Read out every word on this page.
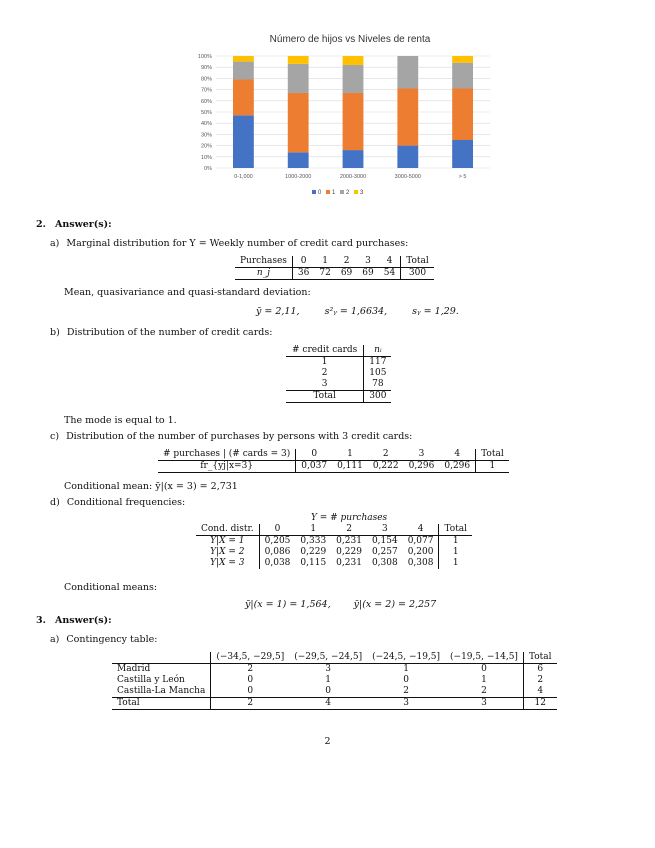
Número de hijos vs Niveles de renta
0%
10%
20%
30%
40%
50%
60%
70%
80%
90%
100%
0-1,000	1000-2000	2000-3000	3000-5000	> 5
0 1 2 3
2. Answer(s):
a) Marginal distribution for Y = Weekly number of credit card purchases:
Purchases	0	1	2	3	4	Total
n_j	36	72	69	69	54	300
Mean, quasivariance and quasi-standard deviation:
ȳ = 2,11,	s²ᵧ = 1,6634,	sᵧ = 1,29.
b) Distribution of the number of credit cards:
# credit cards	nᵢ
1	117
2	105
3	78
Total	300
The mode is equal to 1.
c) Distribution of the number of purchases by persons with 3 credit cards:
# purchases | (# cards = 3)	0	1	2	3	4	Total
fr_{yj|x=3}	0,037	0,111	0,222	0,296	0,296	1
Conditional mean: ȳ|(x = 3) = 2,731
d) Conditional frequencies:
	Y = # purchases					
Cond. distr.	0	1	2	3	4	Total
Y|X = 1	0,205	0,333	0,231	0,154	0,077	1
Y|X = 2	0,086	0,229	0,229	0,257	0,200	1
Y|X = 3	0,038	0,115	0,231	0,308	0,308	1
Conditional means:
ȳ|(x = 1) = 1,564, ȳ|(x = 2) = 2,257
3. Answer(s):
a) Contingency table:
	(−34,5, −29,5]	(−29,5, −24,5]	(−24,5, −19,5]	(−19,5, −14,5]	Total
Madrid	2	3	1	0	6
Castilla y León	0	1	0	1	2
Castilla-La Mancha	0	0	2	2	4
Total	2	4	3	3	12
2
